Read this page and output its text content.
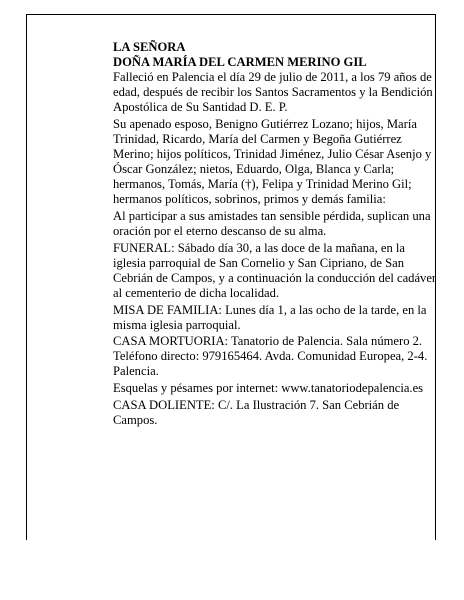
LA SEÑORA
DOÑA MARÍA DEL CARMEN MERINO GIL

Falleció en Palencia el día 29 de julio de 2011, a los 79 años de edad, después de recibir los Santos Sacramentos y la Bendición Apostólica de Su Santidad D. E. P.

Su apenado esposo, Benigno Gutiérrez Lozano; hijos, María Trinidad, Ricardo, María del Carmen y Begoña Gutiérrez Merino; hijos políticos, Trinidad Jiménez, Julio César Asenjo y Óscar González; nietos, Eduardo, Olga, Blanca y Carla; hermanos, Tomás, María (†), Felipa y Trinidad Merino Gil; hermanos políticos, sobrinos, primos y demás familia:

Al participar a sus amistades tan sensible pérdida, suplican una oración por el eterno descanso de su alma.

FUNERAL: Sábado día 30, a las doce de la mañana, en la iglesia parroquial de San Cornelio y San Cipriano, de San Cebrián de Campos, y a continuación la conducción del cadáver al cementerio de dicha localidad.

MISA DE FAMILIA: Lunes día 1, a las ocho de la tarde, en la misma iglesia parroquial.

CASA MORTUORIA: Tanatorio de Palencia. Sala número 2. Teléfono directo: 979165464. Avda. Comunidad Europea, 2-4. Palencia.

Esquelas y pésames por internet: www.tanatoriodepalencia.es

CASA DOLIENTE: C/. La Ilustración 7. San Cebrián de Campos.
